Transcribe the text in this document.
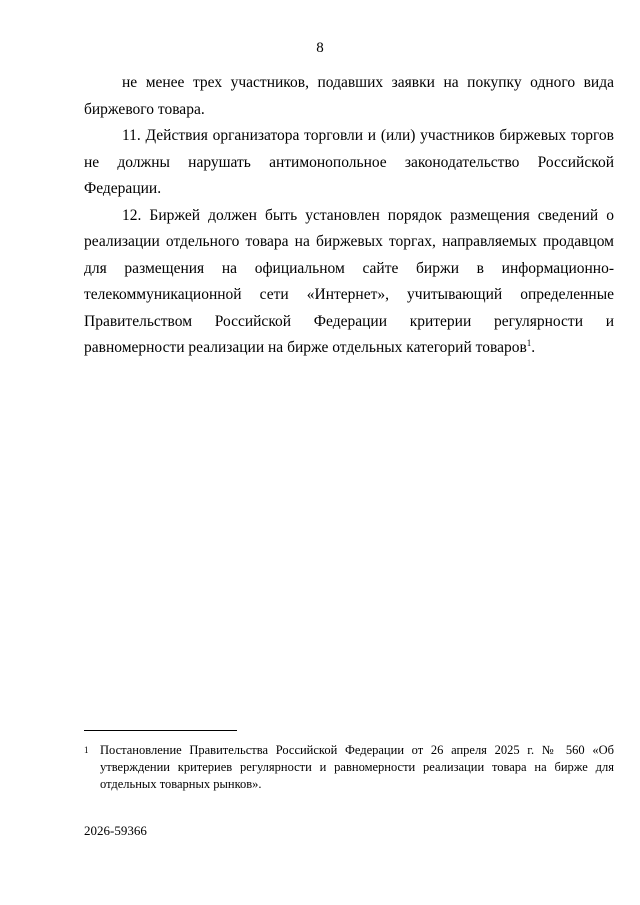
8

не менее трех участников, подавших заявки на покупку одного вида биржевого товара.

11. Действия организатора торговли и (или) участников биржевых торгов не должны нарушать антимонопольное законодательство Российской Федерации.

12. Биржей должен быть установлен порядок размещения сведений о реализации отдельного товара на биржевых торгах, направляемых продавцом для размещения на официальном сайте биржи в информационно-телекоммуникационной сети «Интернет», учитывающий определенные Правительством Российской Федерации критерии регулярности и равномерности реализации на бирже отдельных категорий товаров$^1$.

1 Постановление Правительства Российской Федерации от 26 апреля 2025 г. № 560 «Об утверждении критериев регулярности и равномерности реализации товара на бирже для отдельных товарных рынков».
2026-59366
